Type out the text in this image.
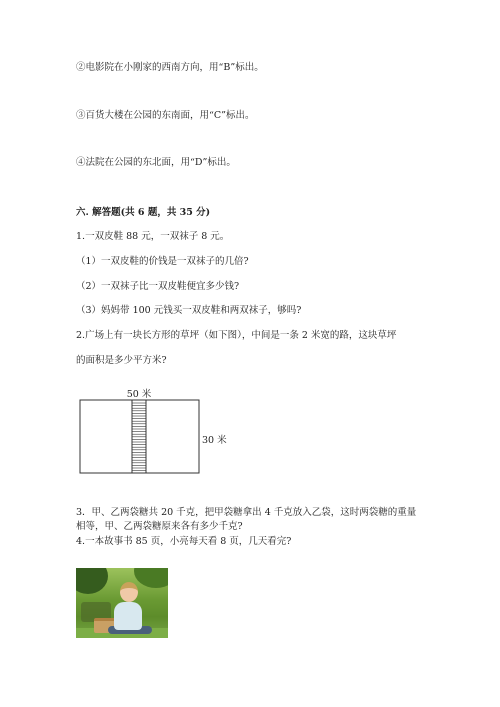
②电影院在小刚家的西南方向，用“B”标出。
③百货大楼在公园的东南面，用“C”标出。
④法院在公园的东北面，用“D”标出。
六. 解答题(共 6 题，共 35 分)
1.一双皮鞋 88 元，一双袜子 8 元。
（1）一双皮鞋的价钱是一双袜子的几倍?
（2）一双袜子比一双皮鞋便宜多少钱?
（3）妈妈带 100 元钱买一双皮鞋和两双袜子，够吗?
2.广场上有一块长方形的草坪（如下图），中间是一条 2 米宽的路，这块草坪
的面积是多少平方米?
50 米
30 米
3．甲、乙两袋糖共 20 千克，把甲袋糖拿出 4 千克放入乙袋，这时两袋糖的重量
相等，甲、乙两袋糖原来各有多少千克?
4.一本故事书 85 页，小亮每天看 8 页，几天看完?
